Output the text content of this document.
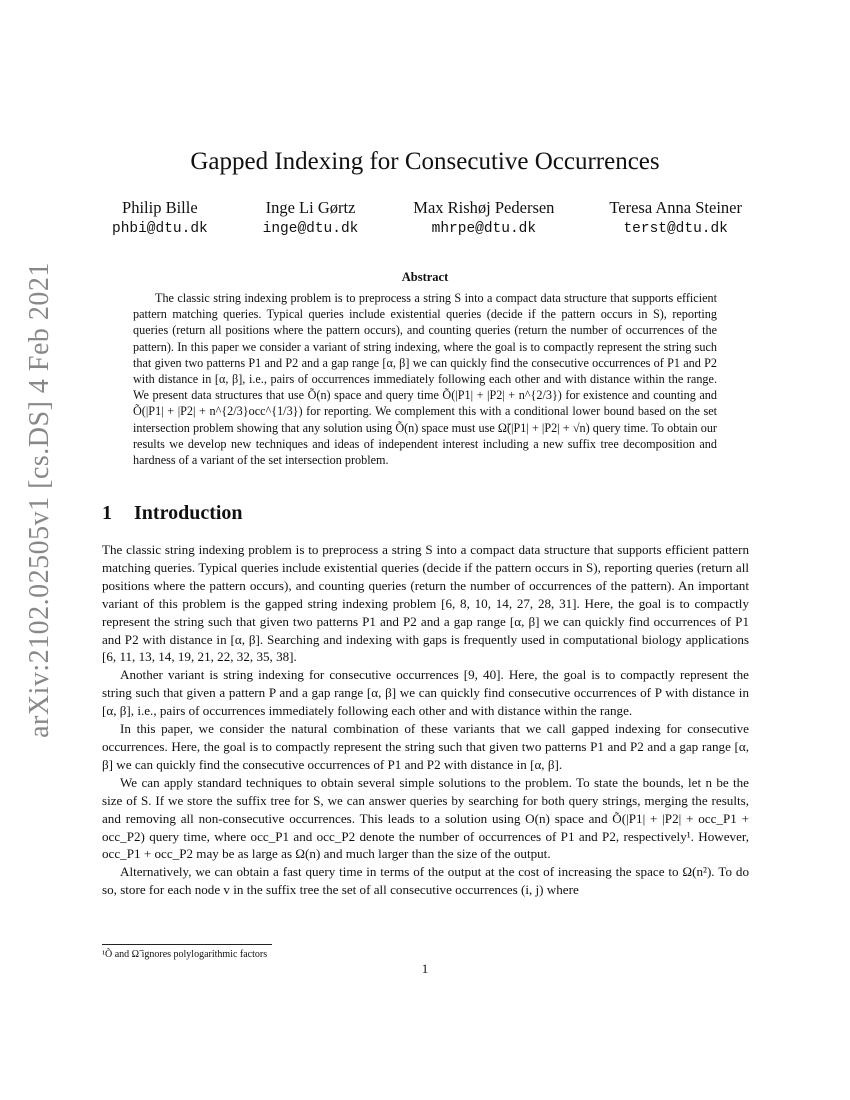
arXiv:2102.02505v1 [cs.DS] 4 Feb 2021
Gapped Indexing for Consecutive Occurrences
Philip Bille
phbi@dtu.dk
Inge Li Gørtz
inge@dtu.dk
Max Rishøj Pedersen
mhrpe@dtu.dk
Teresa Anna Steiner
terst@dtu.dk
Abstract
The classic string indexing problem is to preprocess a string S into a compact data structure that supports efficient pattern matching queries. Typical queries include existential queries (decide if the pattern occurs in S), reporting queries (return all positions where the pattern occurs), and counting queries (return the number of occurrences of the pattern). In this paper we consider a variant of string indexing, where the goal is to compactly represent the string such that given two patterns P1 and P2 and a gap range [α, β] we can quickly find the consecutive occurrences of P1 and P2 with distance in [α, β], i.e., pairs of occurrences immediately following each other and with distance within the range. We present data structures that use Õ(n) space and query time Õ(|P1| + |P2| + n^{2/3}) for existence and counting and Õ(|P1| + |P2| + n^{2/3}occ^{1/3}) for reporting. We complement this with a conditional lower bound based on the set intersection problem showing that any solution using Õ(n) space must use Ω̃(|P1| + |P2| + √n) query time. To obtain our results we develop new techniques and ideas of independent interest including a new suffix tree decomposition and hardness of a variant of the set intersection problem.
1 Introduction

The classic string indexing problem is to preprocess a string S into a compact data structure that supports efficient pattern matching queries. Typical queries include existential queries (decide if the pattern occurs in S), reporting queries (return all positions where the pattern occurs), and counting queries (return the number of occurrences of the pattern). An important variant of this problem is the gapped string indexing problem [6, 8, 10, 14, 27, 28, 31]. Here, the goal is to compactly represent the string such that given two patterns P1 and P2 and a gap range [α, β] we can quickly find occurrences of P1 and P2 with distance in [α, β]. Searching and indexing with gaps is frequently used in computational biology applications [6, 11, 13, 14, 19, 21, 22, 32, 35, 38].

Another variant is string indexing for consecutive occurrences [9, 40]. Here, the goal is to compactly represent the string such that given a pattern P and a gap range [α, β] we can quickly find consecutive occurrences of P with distance in [α, β], i.e., pairs of occurrences immediately following each other and with distance within the range.

In this paper, we consider the natural combination of these variants that we call gapped indexing for consecutive occurrences. Here, the goal is to compactly represent the string such that given two patterns P1 and P2 and a gap range [α, β] we can quickly find the consecutive occurrences of P1 and P2 with distance in [α, β].

We can apply standard techniques to obtain several simple solutions to the problem. To state the bounds, let n be the size of S. If we store the suffix tree for S, we can answer queries by searching for both query strings, merging the results, and removing all non-consecutive occurrences. This leads to a solution using O(n) space and Õ(|P1| + |P2| + occ_P1 + occ_P2) query time, where occ_P1 and occ_P2 denote the number of occurrences of P1 and P2, respectively¹. However, occ_P1 + occ_P2 may be as large as Ω(n) and much larger than the size of the output.

Alternatively, we can obtain a fast query time in terms of the output at the cost of increasing the space to Ω(n²). To do so, store for each node v in the suffix tree the set of all consecutive occurrences (i, j) where

¹Õ and Ω̃ ignores polylogarithmic factors
1
